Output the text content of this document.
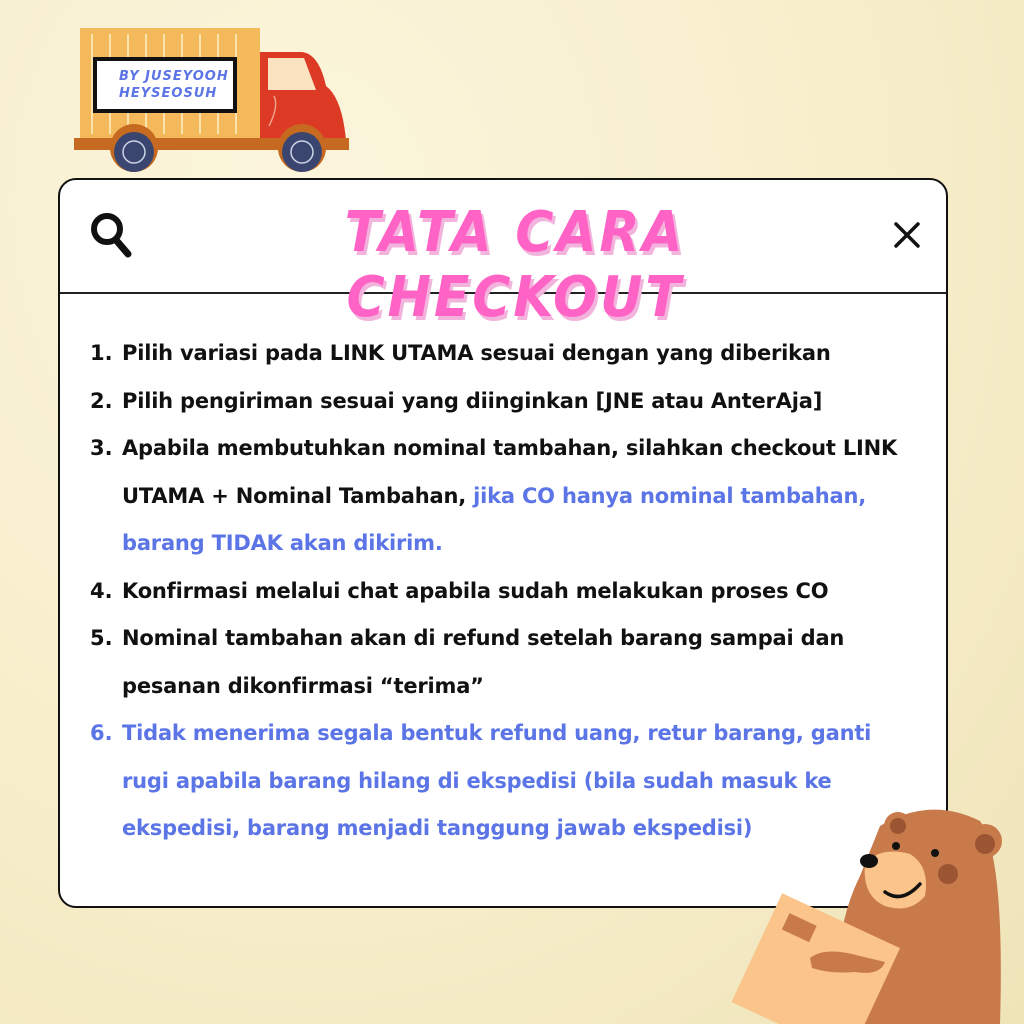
BY JUSEYOOH
HEYSEOSUH
TATA CARA CHECKOUT
1. Pilih variasi pada LINK UTAMA sesuai dengan yang diberikan
2. Pilih pengiriman sesuai yang diinginkan [JNE atau AnterAja]
3. Apabila membutuhkan nominal tambahan, silahkan checkout LINK
UTAMA + Nominal Tambahan, jika CO hanya nominal tambahan,
barang TIDAK akan dikirim.
4. Konfirmasi melalui chat apabila sudah melakukan proses CO
5. Nominal tambahan akan di refund setelah barang sampai dan
pesanan dikonfirmasi “terima”
6. Tidak menerima segala bentuk refund uang, retur barang, ganti
rugi apabila barang hilang di ekspedisi (bila sudah masuk ke
ekspedisi, barang menjadi tanggung jawab ekspedisi)
